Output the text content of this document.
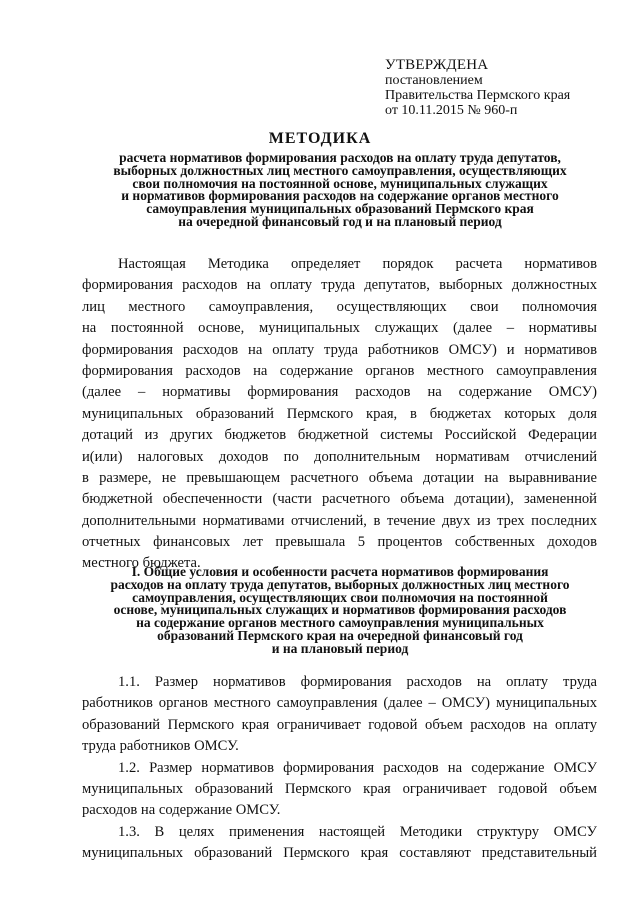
УТВЕРЖДЕНА
постановлением
Правительства Пермского края
от 10.11.2015 № 960-п
МЕТОДИКА
расчета нормативов формирования расходов на оплату труда депутатов,
выборных должностных лиц местного самоуправления, осуществляющих
свои полномочия на постоянной основе, муниципальных служащих
и нормативов формирования расходов на содержание органов местного
самоуправления муниципальных образований Пермского края
на очередной финансовый год и на плановый период
Настоящая Методика определяет порядок расчета нормативов
формирования расходов на оплату труда депутатов, выборных должностных
лиц местного самоуправления, осуществляющих свои полномочия
на постоянной основе, муниципальных служащих (далее – нормативы
формирования расходов на оплату труда работников ОМСУ) и нормативов
формирования расходов на содержание органов местного самоуправления
(далее – нормативы формирования расходов на содержание ОМСУ)
муниципальных образований Пермского края, в бюджетах которых доля
дотаций из других бюджетов бюджетной системы Российской Федерации
и(или) налоговых доходов по дополнительным нормативам отчислений
в размере, не превышающем расчетного объема дотации на выравнивание
бюджетной обеспеченности (части расчетного объема дотации), замененной
дополнительными нормативами отчислений, в течение двух из трех последних
отчетных финансовых лет превышала 5 процентов собственных доходов
местного бюджета.
I. Общие условия и особенности расчета нормативов формирования
расходов на оплату труда депутатов, выборных должностных лиц местного
самоуправления, осуществляющих свои полномочия на постоянной
основе, муниципальных служащих и нормативов формирования расходов
на содержание органов местного самоуправления муниципальных
образований Пермского края на очередной финансовый год
и на плановый период
1.1. Размер нормативов формирования расходов на оплату труда
работников органов местного самоуправления (далее – ОМСУ) муниципальных
образований Пермского края ограничивает годовой объем расходов на оплату
труда работников ОМСУ.
1.2. Размер нормативов формирования расходов на содержание ОМСУ
муниципальных образований Пермского края ограничивает годовой объем
расходов на содержание ОМСУ.
1.3. В целях применения настоящей Методики структуру ОМСУ
муниципальных образований Пермского края составляют представительный
